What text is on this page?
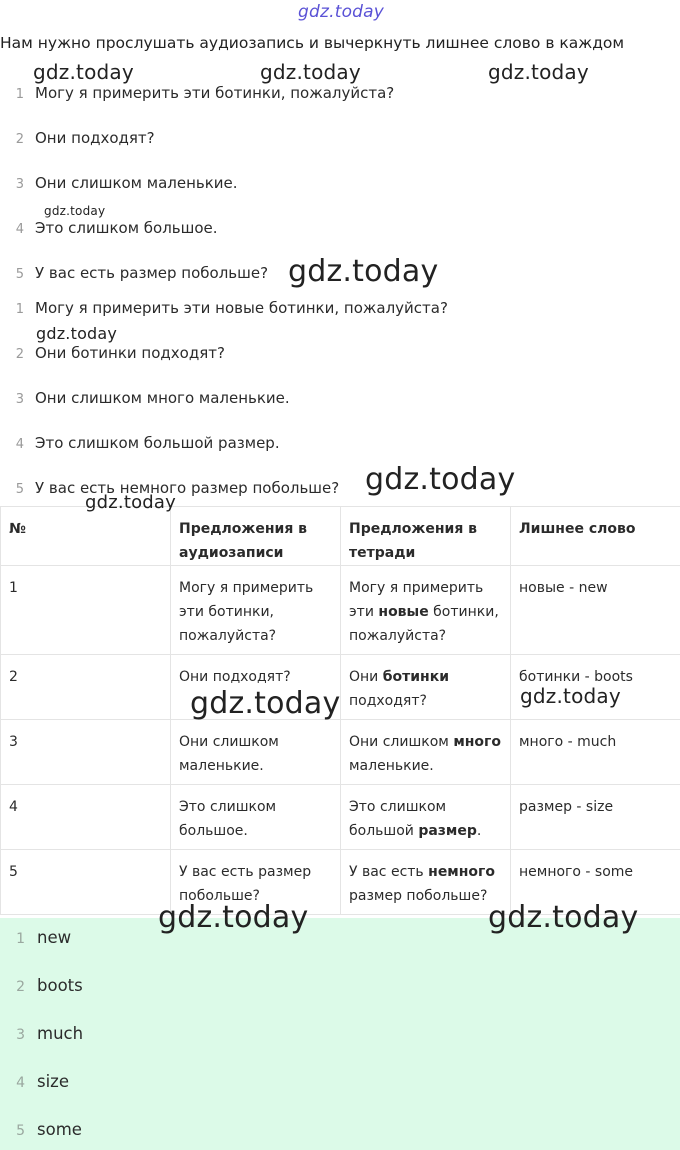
gdz.today
Нам нужно прослушать аудиозапись и вычеркнуть лишнее слово в каждом
gdz.today	gdz.today	gdz.today
1 Могу я примерить эти ботинки, пожалуйста?
2 Они подходят?
3 Они слишком маленькие.
gdz.today
4 Это слишком большое.
5 У вас есть размер побольше? gdz.today
1 Могу я примерить эти новые ботинки, пожалуйста?
gdz.today
2 Они ботинки подходят?
3 Они слишком много маленькие.
4 Это слишком большой размер.
5 У вас есть немного размер побольше? gdz.today
№	Предложения в аудиозаписи	Предложения в тетради	Лишнее слово
1	Могу я примерить эти ботинки, пожалуйста?	Могу я примерить эти новые ботинки, пожалуйста?	новые - new
2	Они подходят?	Они ботинки подходят?	ботинки - boots
3	Они слишком маленькие.	Они слишком много маленькие.	много - much
4	Это слишком большое.	Это слишком большой размер.	размер - size
5	У вас есть размер побольше?	У вас есть немного размер побольше?	немного - some
gdz.today
gdz.today	gdz.today
1 new
2 boots
3 much
4 size
5 some
gdz.today	gdz.today
